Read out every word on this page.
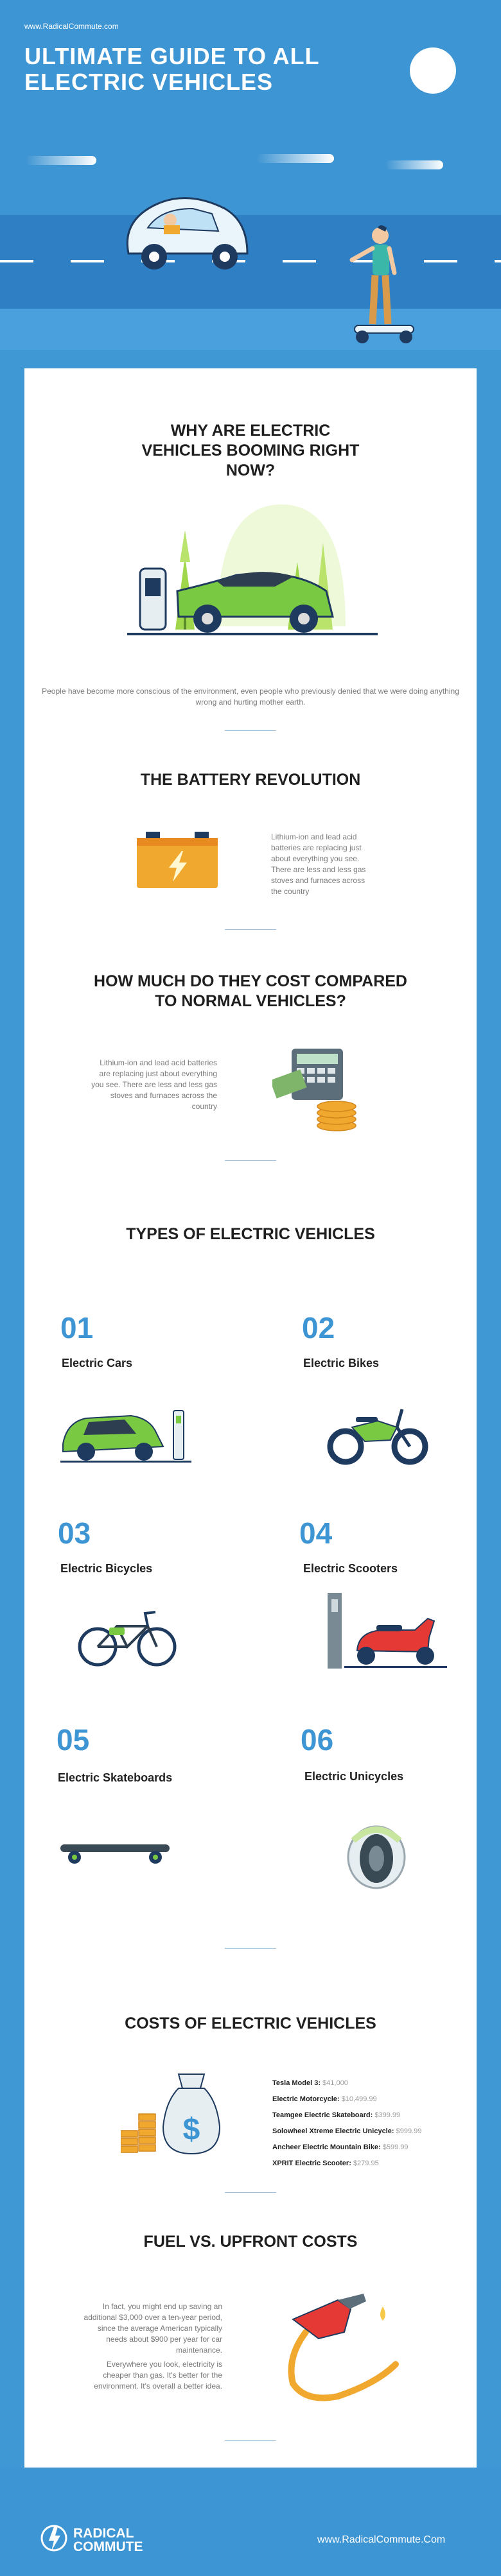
www.RadicalCommute.com
ULTIMATE GUIDE TO ALL ELECTRIC VEHICLES
WHY ARE ELECTRIC VEHICLES BOOMING RIGHT NOW?
People have become more conscious of the environment, even people who previously denied that we were doing anything wrong and hurting mother earth.
THE BATTERY REVOLUTION
Lithium-ion and lead acid batteries are replacing just about everything you see. There are less and less gas stoves and furnaces across the country
HOW MUCH DO THEY COST COMPARED TO NORMAL VEHICLES?
Lithium-ion and lead acid batteries are replacing just about everything you see. There are less and less gas stoves and furnaces across the country
TYPES OF ELECTRIC VEHICLES
01
Electric Cars
02
Electric Bikes
03
Electric Bicycles
04
Electric Scooters
05
Electric Skateboards
06
Electric Unicycles
COSTS OF ELECTRIC VEHICLES
$
Tesla Model 3: $41,000
Electric Motorcycle: $10,499.99
Teamgee Electric Skateboard: $399.99
Solowheel Xtreme Electric Unicycle: $999.99
Ancheer Electric Mountain Bike: $599.99
XPRIT Electric Scooter: $279.95
FUEL VS. UPFRONT COSTS
In fact, you might end up saving an additional $3,000 over a ten-year period, since the average American typically needs about $900 per year for car maintenance.
Everywhere you look, electricity is cheaper than gas. It's better for the environment. It's overall a better idea.
RADICAL
COMMUTE	www.RadicalCommute.Com
